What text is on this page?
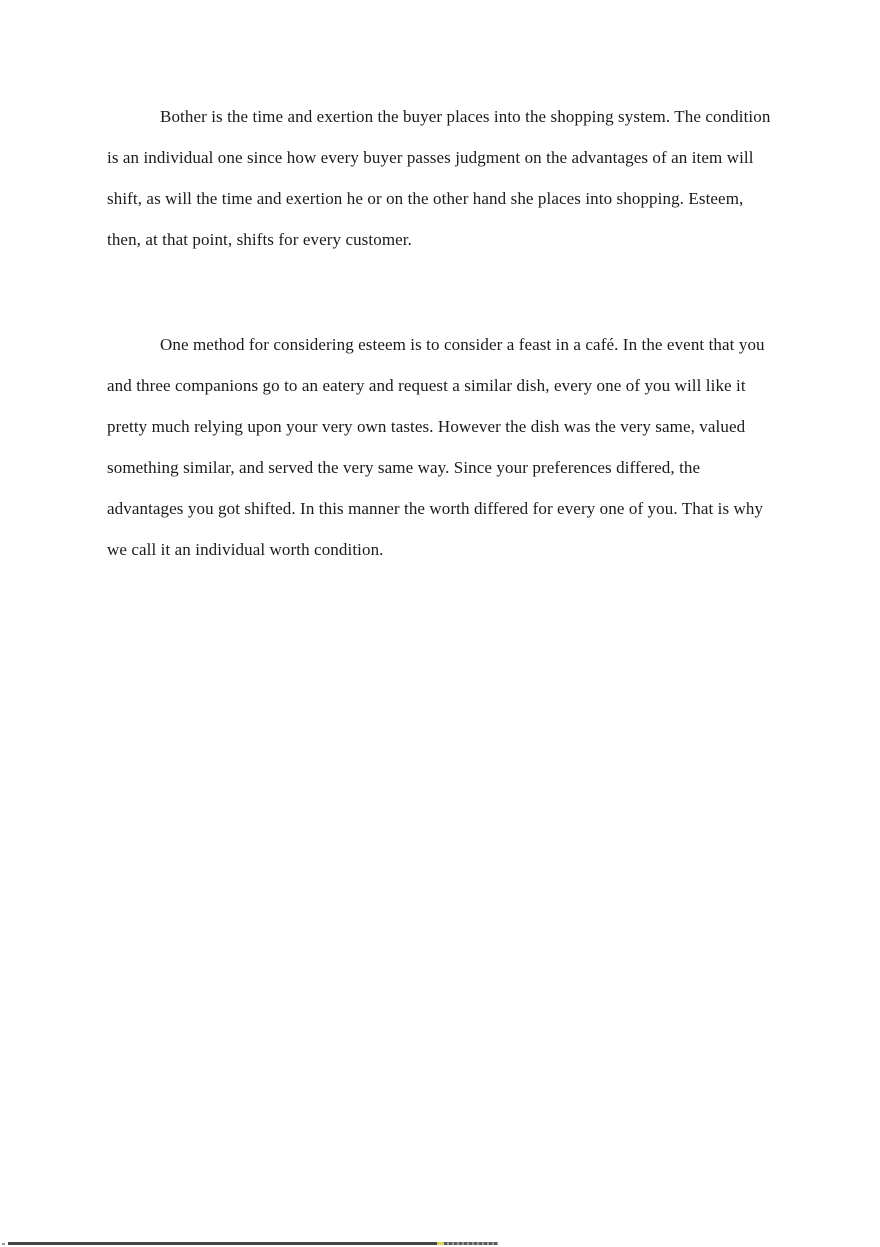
Bother is the time and exertion the buyer places into the shopping system. The condition is an individual one since how every buyer passes judgment on the advantages of an item will shift, as will the time and exertion he or on the other hand she places into shopping. Esteem, then, at that point, shifts for every customer.

One method for considering esteem is to consider a feast in a café. In the event that you and three companions go to an eatery and request a similar dish, every one of you will like it pretty much relying upon your very own tastes. However the dish was the very same, valued something similar, and served the very same way. Since your preferences differed, the advantages you got shifted. In this manner the worth differed for every one of you. That is why we call it an individual worth condition.
